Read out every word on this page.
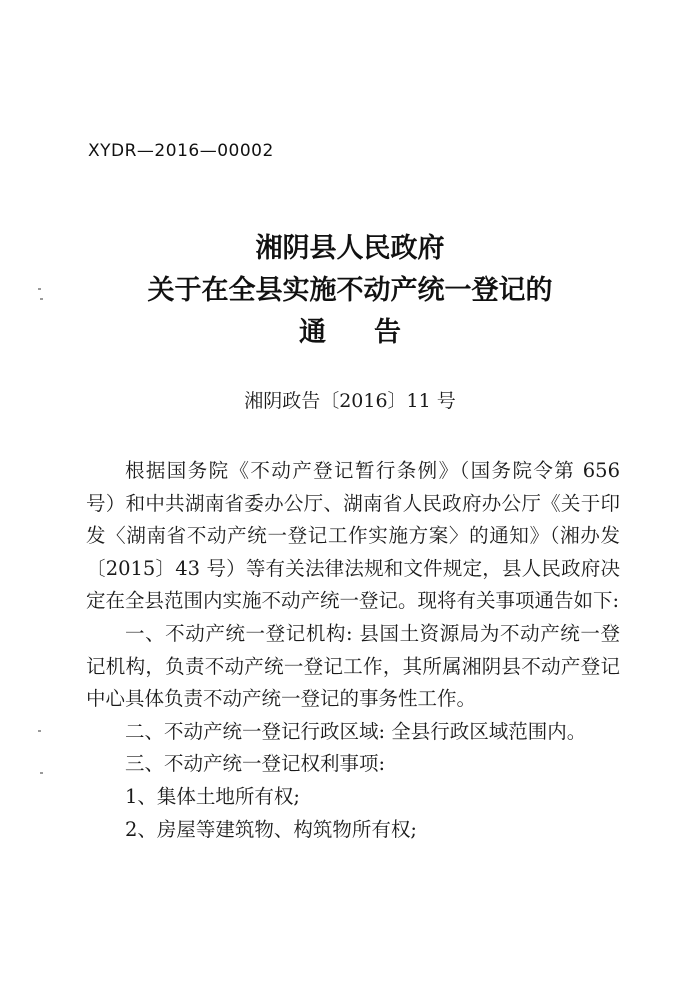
XYDR—2016—00002
湘阴县人民政府
关于在全县实施不动产统一登记的
通告
湘阴政告〔2016〕11 号

根据国务院《不动产登记暂行条例》（国务院令第 656 号）和中共湖南省委办公厅、湖南省人民政府办公厅《关于印发〈湖南省不动产统一登记工作实施方案〉的通知》（湘办发〔2015〕43 号）等有关法律法规和文件规定，县人民政府决定在全县范围内实施不动产统一登记。现将有关事项通告如下:

一、不动产统一登记机构: 县国土资源局为不动产统一登记机构，负责不动产统一登记工作，其所属湘阴县不动产登记中心具体负责不动产统一登记的事务性工作。

二、不动产统一登记行政区域: 全县行政区域范围内。

三、不动产统一登记权利事项:

1、集体土地所有权;

2、房屋等建筑物、构筑物所有权;
